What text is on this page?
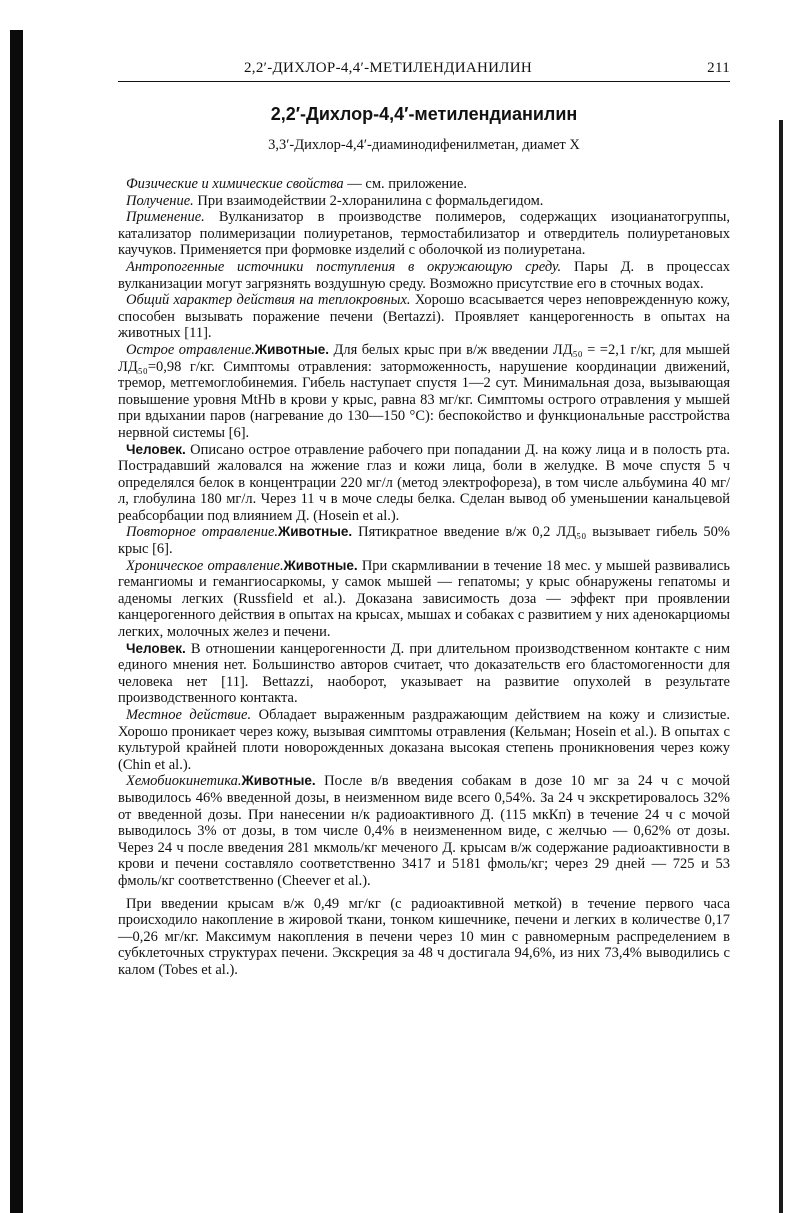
2,2′-ДИХЛОР-4,4′-МЕТИЛЕНДИАНИЛИН	211
2,2′-Дихлор-4,4′-метилендианилин
3,3′-Дихлор-4,4′-диаминодифенилметан, диамет X

Физические и химические свойства — см. приложение.

Получение. При взаимодействии 2-хлоранилина с формальдегидом.

Применение. Вулканизатор в производстве полимеров, содержащих изоцианатогруппы, катализатор полимеризации полиуретанов, термостабилизатор и отвердитель полиуретановых каучуков. Применяется при формовке изделий с оболочкой из полиуретана.

Антропогенные источники поступления в окружающую среду. Пары Д. в процессах вулканизации могут загрязнять воздушную среду. Возможно присутствие его в сточных водах.

Общий характер действия на теплокровных. Хорошо всасывается через неповрежденную кожу, способен вызывать поражение печени (Bertazzi). Проявляет канцерогенность в опытах на животных [11].

Острое отравление.Животные. Для белых крыс при в/ж введении ЛД₅₀ = =2,1 г/кг, для мышей ЛД₅₀=0,98 г/кг. Симптомы отравления: заторможенность, нарушение координации движений, тремор, метгемоглобинемия. Гибель наступает спустя 1—2 сут. Минимальная доза, вызывающая повышение уровня MtHb в крови у крыс, равна 83 мг/кг. Симптомы острого отравления у мышей при вдыхании паров (нагревание до 130—150 °С): беспокойство и функциональные расстройства нервной системы [6].

Человек. Описано острое отравление рабочего при попадании Д. на кожу лица и в полость рта. Пострадавший жаловался на жжение глаз и кожи лица, боли в желудке. В моче спустя 5 ч определялся белок в концентрации 220 мг/л (метод электрофореза), в том числе альбумина 40 мг/л, глобулина 180 мг/л. Через 11 ч в моче следы белка. Сделан вывод об уменьшении канальцевой реабсорбации под влиянием Д. (Hosein et al.).

Повторное отравление.Животные. Пятикратное введение в/ж 0,2 ЛД₅₀ вызывает гибель 50% крыс [6].

Хроническое отравление.Животные. При скармливании в течение 18 мес. у мышей развивались гемангиомы и гемангиосаркомы, у самок мышей — гепатомы; у крыс обнаружены гепатомы и аденомы легких (Russfield et al.). Доказана зависимость доза — эффект при проявлении канцерогенного действия в опытах на крысах, мышах и собаках с развитием у них аденокарциомы легких, молочных желез и печени.

Человек. В отношении канцерогенности Д. при длительном производственном контакте с ним единого мнения нет. Большинство авторов считает, что доказательств его бластомогенности для человека нет [11]. Bettazzi, наоборот, указывает на развитие опухолей в результате производственного контакта.

Местное действие. Обладает выраженным раздражающим действием на кожу и слизистые. Хорошо проникает через кожу, вызывая симптомы отравления (Кельман; Hosein et al.). В опытах с культурой крайней плоти новорожденных доказана высокая степень проникновения через кожу (Chin et al.).

Хемобиокинетика.Животные. После в/в введения собакам в дозе 10 мг за 24 ч с мочой выводилось 46% введенной дозы, в неизменном виде всего 0,54%. За 24 ч экскретировалось 32% от введенной дозы. При нанесении н/к радиоактивного Д. (115 мкКп) в течение 24 ч с мочой выводилось 3% от дозы, в том числе 0,4% в неизмененном виде, с желчью — 0,62% от дозы. Через 24 ч после введения 281 мкмоль/кг меченого Д. крысам в/ж содержание радиоактивности в крови и печени составляло соответственно 3417 и 5181 фмоль/кг; через 29 дней — 725 и 53 фмоль/кг соответственно (Cheever et al.).

При введении крысам в/ж 0,49 мг/кг (с радиоактивной меткой) в течение первого часа происходило накопление в жировой ткани, тонком кишечнике, печени и легких в количестве 0,17—0,26 мг/кг. Максимум накопления в печени через 10 мин с равномерным распределением в субклеточных структурах печени. Экскреция за 48 ч достигала 94,6%, из них 73,4% выводились с калом (Tobes et al.).
